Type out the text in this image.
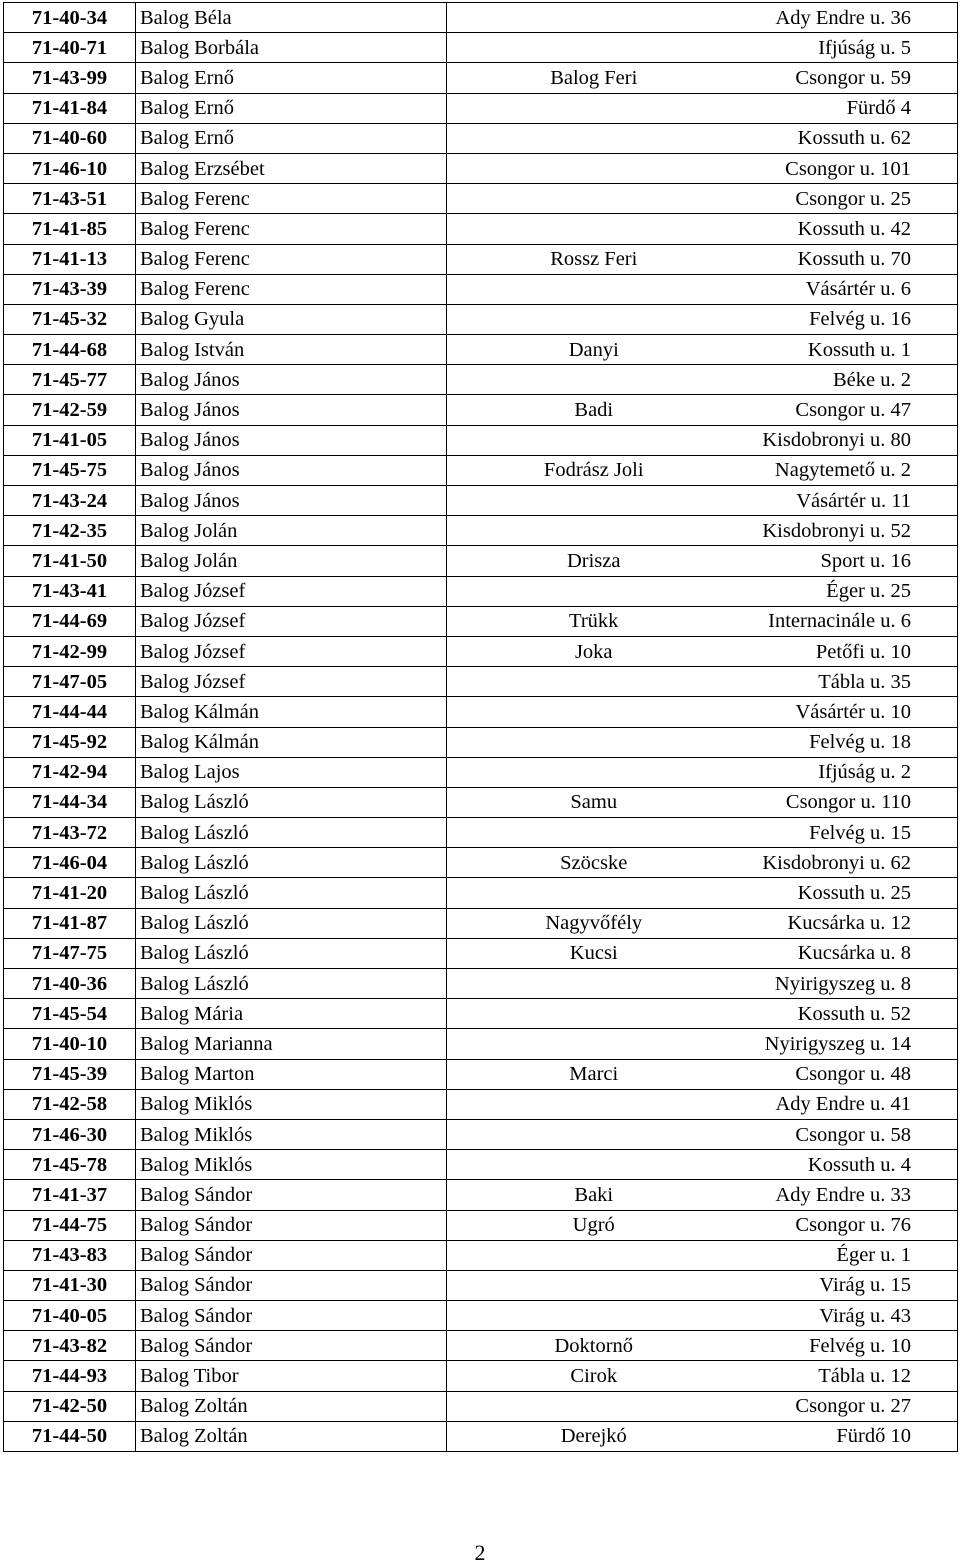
71-40-34	Balog Béla		Ady Endre u. 36
71-40-71	Balog Borbála		Ifjúság u. 5
71-43-99	Balog Ernő	Balog Feri	Csongor u. 59
71-41-84	Balog Ernő		Fürdő 4
71-40-60	Balog Ernő		Kossuth u. 62
71-46-10	Balog Erzsébet		Csongor u. 101
71-43-51	Balog Ferenc		Csongor u. 25
71-41-85	Balog Ferenc		Kossuth u. 42
71-41-13	Balog Ferenc	Rossz Feri	Kossuth u. 70
71-43-39	Balog Ferenc		Vásártér u. 6
71-45-32	Balog Gyula		Felvég u. 16
71-44-68	Balog István	Danyi	Kossuth u. 1
71-45-77	Balog János		Béke u. 2
71-42-59	Balog János	Badi	Csongor u. 47
71-41-05	Balog János		Kisdobronyi u. 80
71-45-75	Balog János	Fodrász Joli	Nagytemető u. 2
71-43-24	Balog János		Vásártér u. 11
71-42-35	Balog Jolán		Kisdobronyi u. 52
71-41-50	Balog Jolán	Drisza	Sport u. 16
71-43-41	Balog József		Éger u. 25
71-44-69	Balog József	Trükk	Internacinále u. 6
71-42-99	Balog József	Joka	Petőfi u. 10
71-47-05	Balog József		Tábla u. 35
71-44-44	Balog Kálmán		Vásártér u. 10
71-45-92	Balog Kálmán		Felvég u. 18
71-42-94	Balog Lajos		Ifjúság u. 2
71-44-34	Balog László	Samu	Csongor u. 110
71-43-72	Balog László		Felvég u. 15
71-46-04	Balog László	Szöcske	Kisdobronyi u. 62
71-41-20	Balog László		Kossuth u. 25
71-41-87	Balog László	Nagyvőfély	Kucsárka u. 12
71-47-75	Balog László	Kucsi	Kucsárka u. 8
71-40-36	Balog László		Nyirigyszeg u. 8
71-45-54	Balog Mária		Kossuth u. 52
71-40-10	Balog Marianna		Nyirigyszeg u. 14
71-45-39	Balog Marton	Marci	Csongor u. 48
71-42-58	Balog Miklós		Ady Endre u. 41
71-46-30	Balog Miklós		Csongor u. 58
71-45-78	Balog Miklós		Kossuth u. 4
71-41-37	Balog Sándor	Baki	Ady Endre u. 33
71-44-75	Balog Sándor	Ugró	Csongor u. 76
71-43-83	Balog Sándor		Éger u. 1
71-41-30	Balog Sándor		Virág u. 15
71-40-05	Balog Sándor		Virág u. 43
71-43-82	Balog Sándor	Doktornő	Felvég u. 10
71-44-93	Balog Tibor	Cirok	Tábla u. 12
71-42-50	Balog Zoltán		Csongor u. 27
71-44-50	Balog Zoltán	Derejkó	Fürdő 10
2
